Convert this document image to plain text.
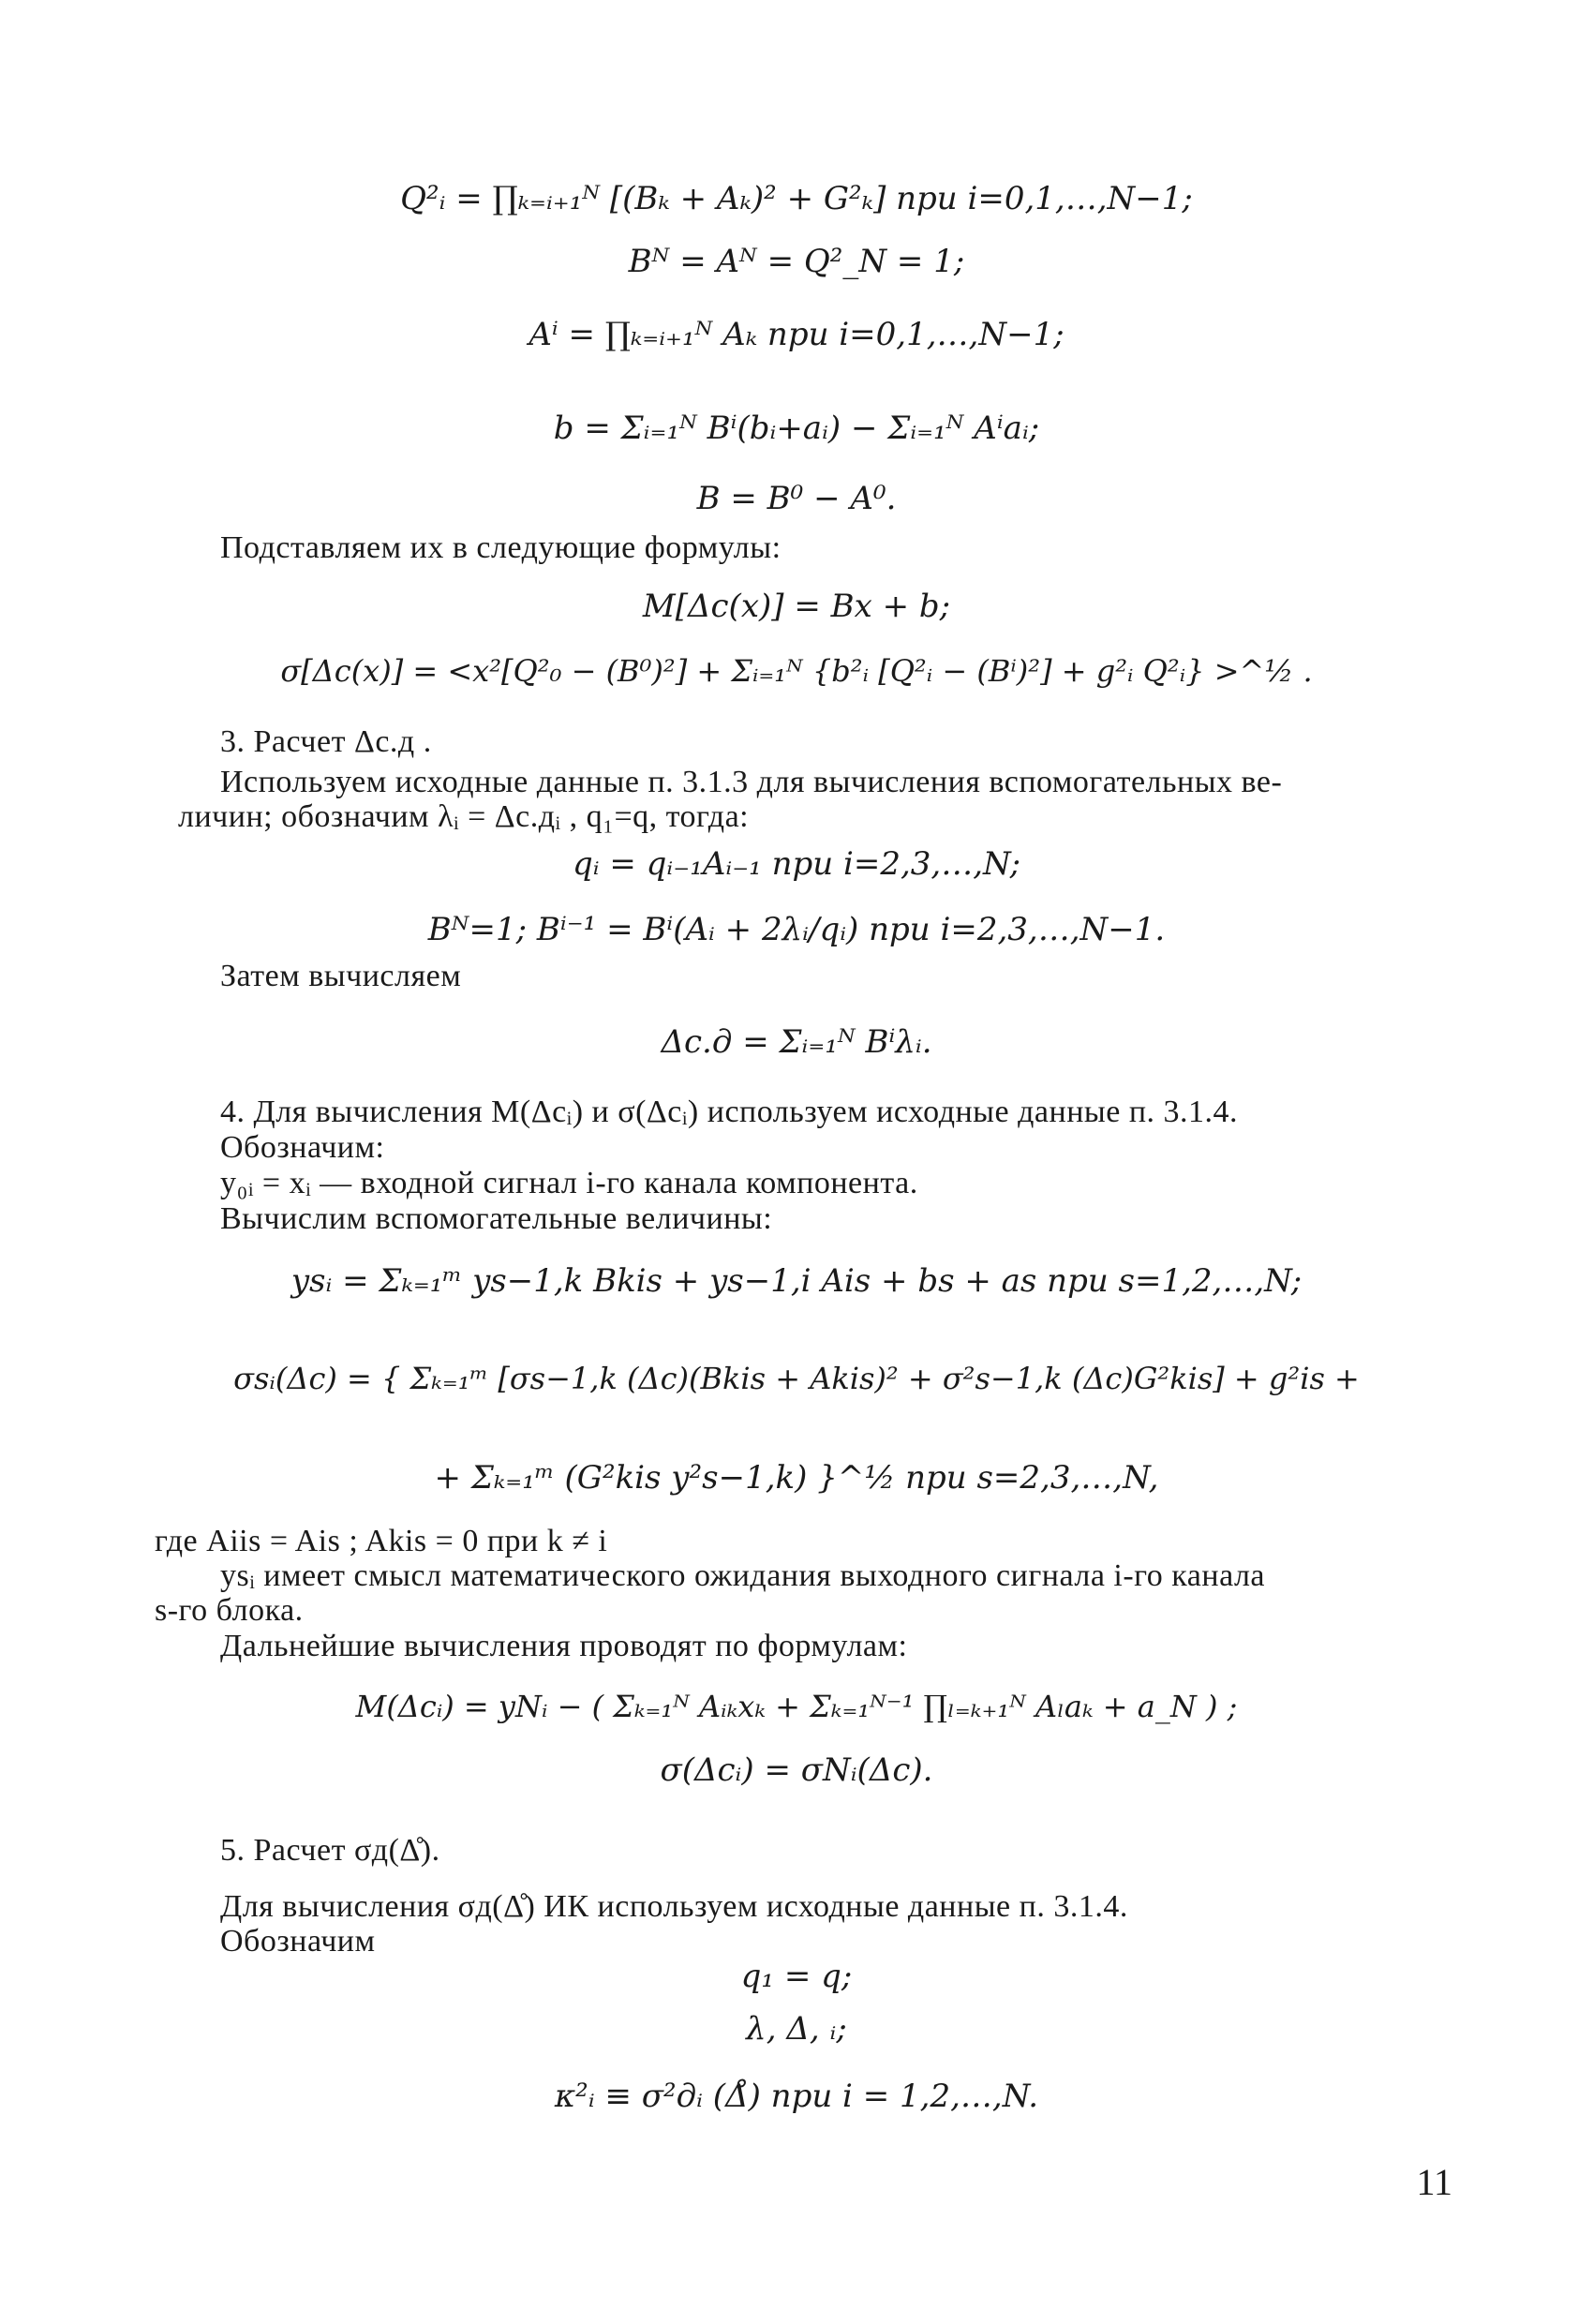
Q²ᵢ = ∏ₖ₌ᵢ₊₁ᴺ [(Bₖ + Aₖ)² + G²ₖ] при i=0,1,…,N−1;
Bᴺ = Aᴺ = Q²_N = 1;
Aⁱ = ∏ₖ₌ᵢ₊₁ᴺ Aₖ при i=0,1,…,N−1;
b = Σᵢ₌₁ᴺ Bⁱ(bᵢ+aᵢ) − Σᵢ₌₁ᴺ Aⁱaᵢ;
B = B⁰ − A⁰.
Подставляем их в следующие формулы:
M[Δc(x)] = Bx + b;
σ[Δc(x)] = <x²[Q²₀ − (B⁰)²] + Σᵢ₌₁ᴺ {b²ᵢ [Q²ᵢ − (Bⁱ)²] + g²ᵢ Q²ᵢ} >^½ .
3. Расчет Δс.д .
Используем исходные данные п. 3.1.3 для вычисления вспомогательных ве-
личин; обозначим λᵢ = Δс.дᵢ , q₁=q, тогда:
qᵢ = qᵢ₋₁Aᵢ₋₁ при i=2,3,…,N;
Bᴺ=1; Bⁱ⁻¹ = Bⁱ(Aᵢ + 2λᵢ/qᵢ) при i=2,3,…,N−1.
Затем вычисляем
Δс.д = Σᵢ₌₁ᴺ Bⁱλᵢ.
4. Для вычисления M(Δcᵢ) и σ(Δcᵢ) используем исходные данные п. 3.1.4.
Обозначим:
y₀ᵢ = xᵢ — входной сигнал i-го канала компонента.
Вычислим вспомогательные величины:
ysᵢ = Σₖ₌₁ᵐ ys−1,k Bkis + ys−1,i Ais + bs + as при s=1,2,…,N;
σsᵢ(Δc) = { Σₖ₌₁ᵐ [σs−1,k (Δc)(Bkis + Akis)² + σ²s−1,k (Δc)G²kis] + g²is +
+ Σₖ₌₁ᵐ (G²kis y²s−1,k) }^½ при s=2,3,…,N,
где Aiis = Ais ; Akis = 0 при k ≠ i
ysᵢ имеет смысл математического ожидания выходного сигнала i-го канала
s-го блока.
Дальнейшие вычисления проводят по формулам:
M(Δcᵢ) = yNᵢ − ( Σₖ₌₁ᴺ Aᵢₖxₖ + Σₖ₌₁ᴺ⁻¹ ∏ₗ₌ₖ₊₁ᴺ Aₗaₖ + a_N ) ;
σ(Δcᵢ) = σNᵢ(Δc).
5. Расчет σд(Δ̊).
Для вычисления σд(Δ̊) ИК используем исходные данные п. 3.1.4.
Обозначим
q₁ = q;
λ, Δ, ᵢ;
κ²ᵢ ≡ σ²дᵢ (Δ̊) при i = 1,2,…,N.
11
